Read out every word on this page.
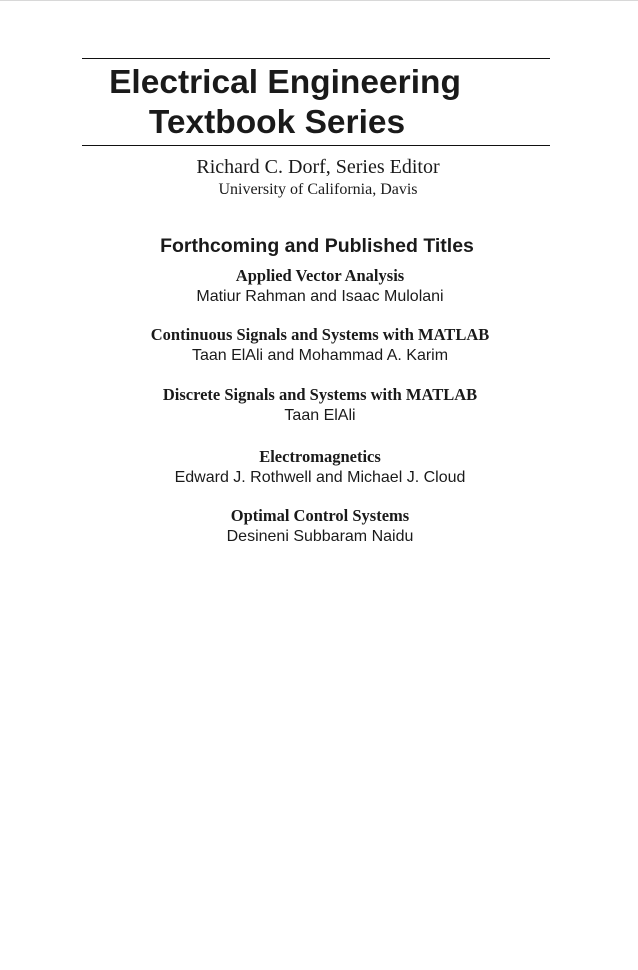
Electrical Engineering
Textbook Series
Richard C. Dorf, Series Editor
University of California, Davis
Forthcoming and Published Titles
Applied Vector Analysis
Matiur Rahman and Isaac Mulolani
Continuous Signals and Systems with MATLAB
Taan ElAli and Mohammad A. Karim
Discrete Signals and Systems with MATLAB
Taan ElAli
Electromagnetics
Edward J. Rothwell and Michael J. Cloud
Optimal Control Systems
Desineni Subbaram Naidu
